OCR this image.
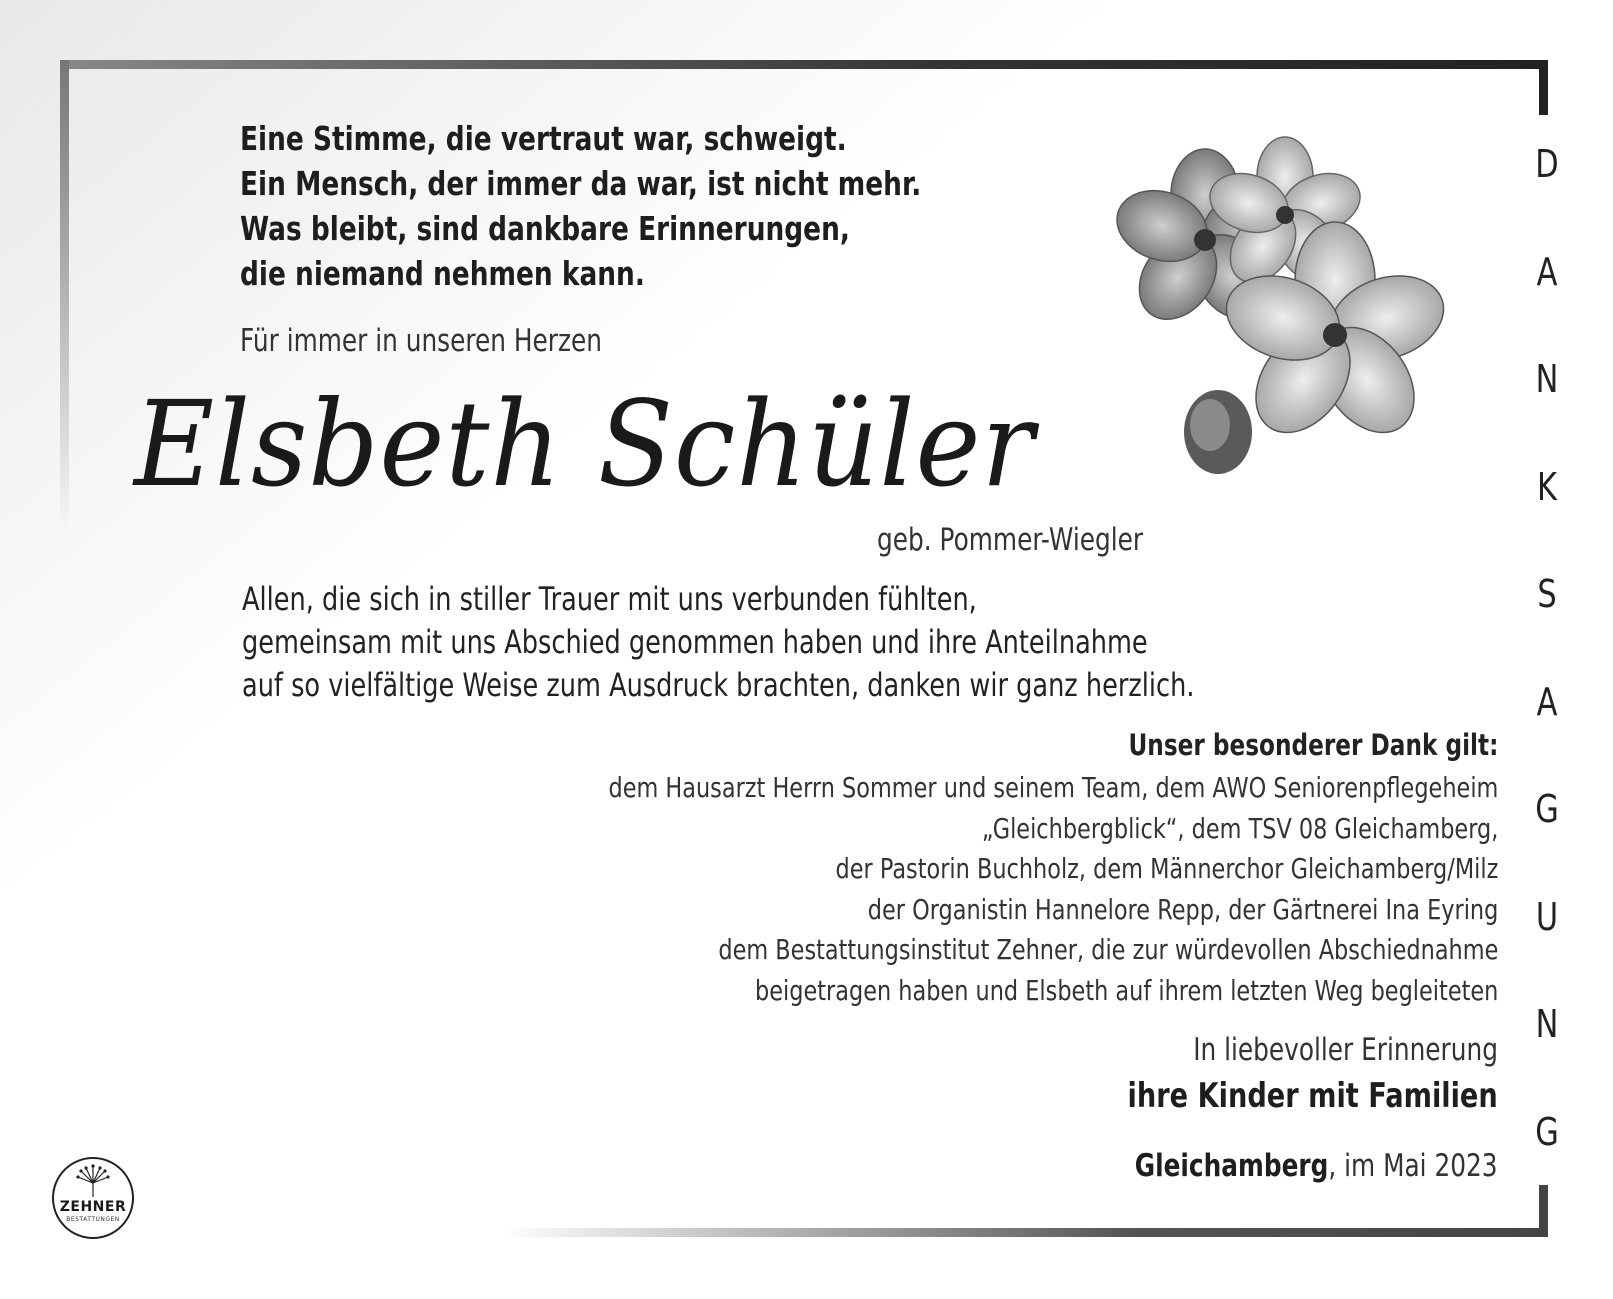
Eine Stimme, die vertraut war, schweigt.
Ein Mensch, der immer da war, ist nicht mehr.
Was bleibt, sind dankbare Erinnerungen,
die niemand nehmen kann.
Für immer in unseren Herzen
Elsbeth Schüler
geb. Pommer-Wiegler
Allen, die sich in stiller Trauer mit uns verbunden fühlten,
gemeinsam mit uns Abschied genommen haben und ihre Anteilnahme
auf so vielfältige Weise zum Ausdruck brachten, danken wir ganz herzlich.
Unser besonderer Dank gilt:
dem Hausarzt Herrn Sommer und seinem Team, dem AWO Seniorenpflegeheim
„Gleichbergblick“, dem TSV 08 Gleichamberg,
der Pastorin Buchholz, dem Männerchor Gleichamberg/Milz
der Organistin Hannelore Repp, der Gärtnerei Ina Eyring
dem Bestattungsinstitut Zehner, die zur würdevollen Abschiednahme
beigetragen haben und Elsbeth auf ihrem letzten Weg begleiteten
In liebevoller Erinnerung
ihre Kinder mit Familien
Gleichamberg, im Mai 2023
D
A
N
K
S
A
G
U
N
G
ZEHNER
BESTATTUNGEN
